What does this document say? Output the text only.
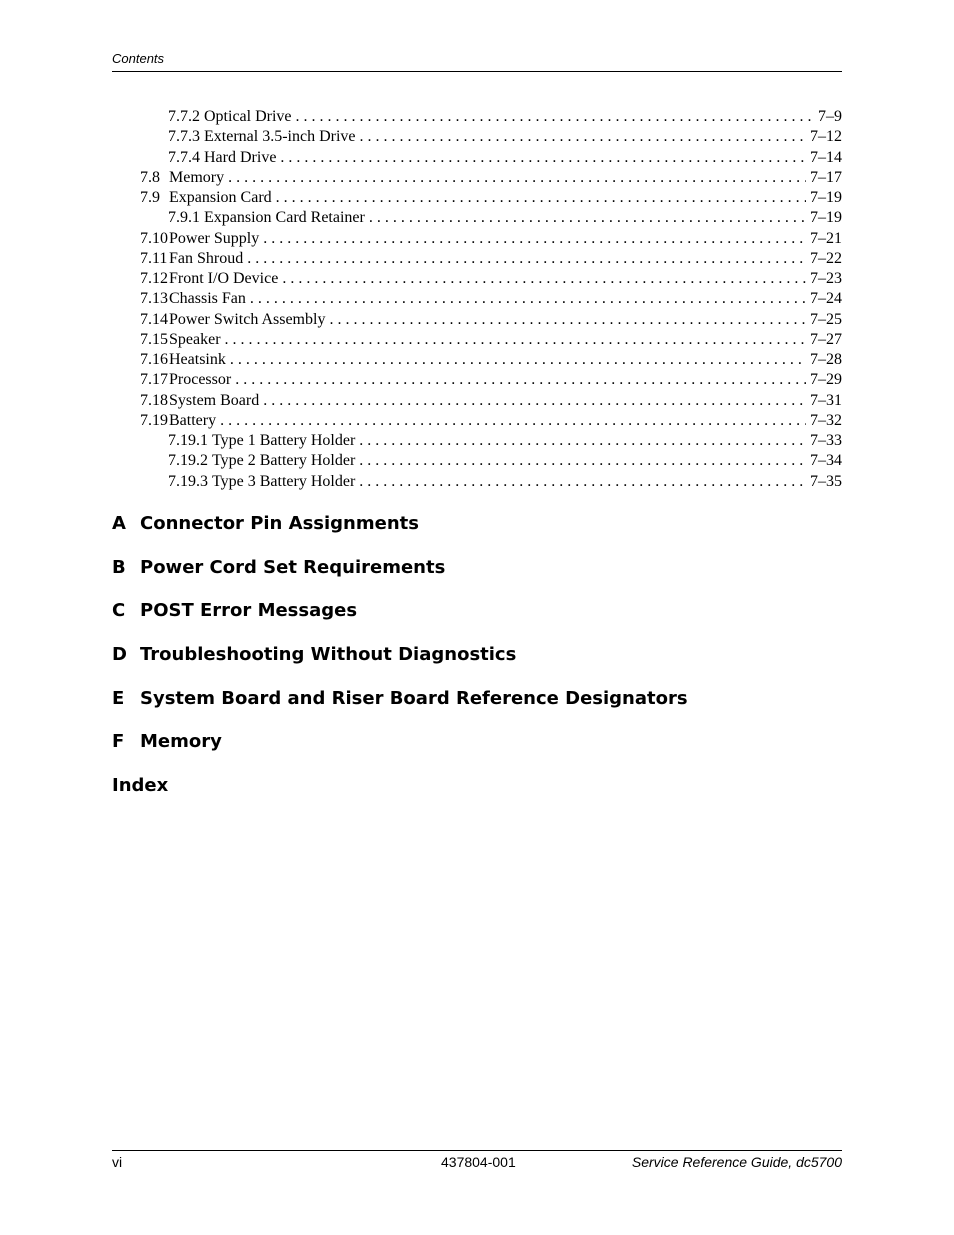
Contents
7.7.2 Optical Drive . . .	7–9
7.7.3 External 3.5-inch Drive . . .	7–12
7.7.4 Hard Drive . . .	7–14
7.8 Memory . . .	7–17
7.9 Expansion Card . . .	7–19
7.9.1 Expansion Card Retainer . . .	7–19
7.10 Power Supply . . .	7–21
7.11 Fan Shroud . . .	7–22
7.12 Front I/O Device . . .	7–23
7.13 Chassis Fan . . .	7–24
7.14 Power Switch Assembly . . .	7–25
7.15 Speaker . . .	7–27
7.16 Heatsink . . .	7–28
7.17 Processor . . .	7–29
7.18 System Board . . .	7–31
7.19 Battery . . .	7–32
7.19.1 Type 1 Battery Holder . . .	7–33
7.19.2 Type 2 Battery Holder . . .	7–34
7.19.3 Type 3 Battery Holder . . .	7–35
A Connector Pin Assignments
B Power Cord Set Requirements
C POST Error Messages
D Troubleshooting Without Diagnostics
E System Board and Riser Board Reference Designators
F Memory
Index
vi	437804-001	Service Reference Guide, dc5700
